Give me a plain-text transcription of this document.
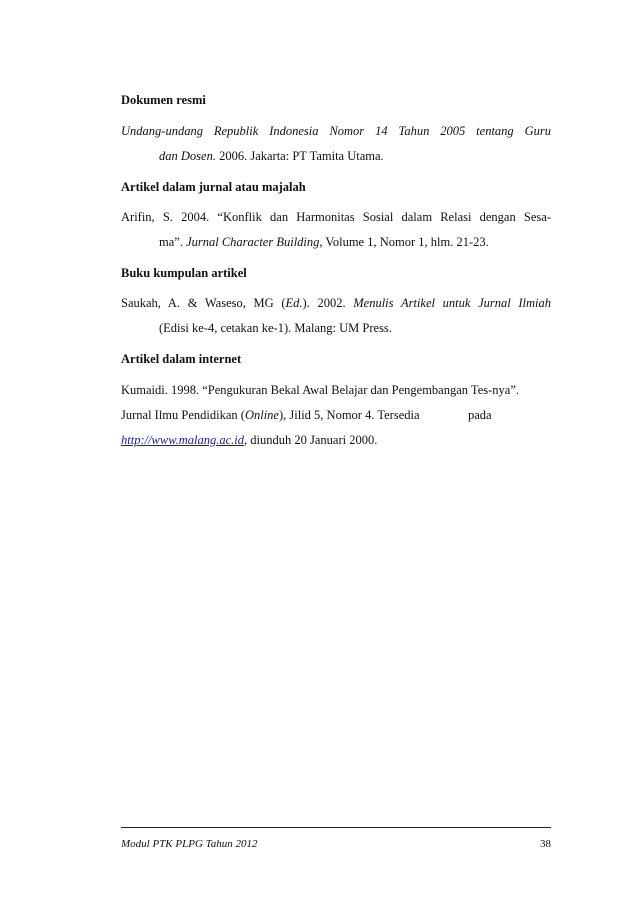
Dokumen resmi
Undang-undang Republik Indonesia Nomor 14 Tahun 2005 tentang Guru
dan Dosen. 2006. Jakarta: PT Tamita Utama.
Artikel dalam jurnal atau majalah
Arifin, S. 2004. “Konflik dan Harmonitas Sosial dalam Relasi dengan Sesa-
ma”. Jurnal Character Building, Volume 1, Nomor 1, hlm. 21-23.
Buku kumpulan artikel
Saukah, A. & Waseso, MG (Ed.). 2002. Menulis Artikel untuk Jurnal Ilmiah
(Edisi ke-4, cetakan ke-1). Malang: UM Press.
Artikel dalam internet
Kumaidi. 1998. “Pengukuran Bekal Awal Belajar dan Pengembangan Tes-nya”.
Jurnal Ilmu Pendidikan (Online), Jilid 5, Nomor 4. Tersedia	pada
http://www.malang.ac.id, diunduh 20 Januari 2000.
Modul PTK PLPG Tahun 2012	38
